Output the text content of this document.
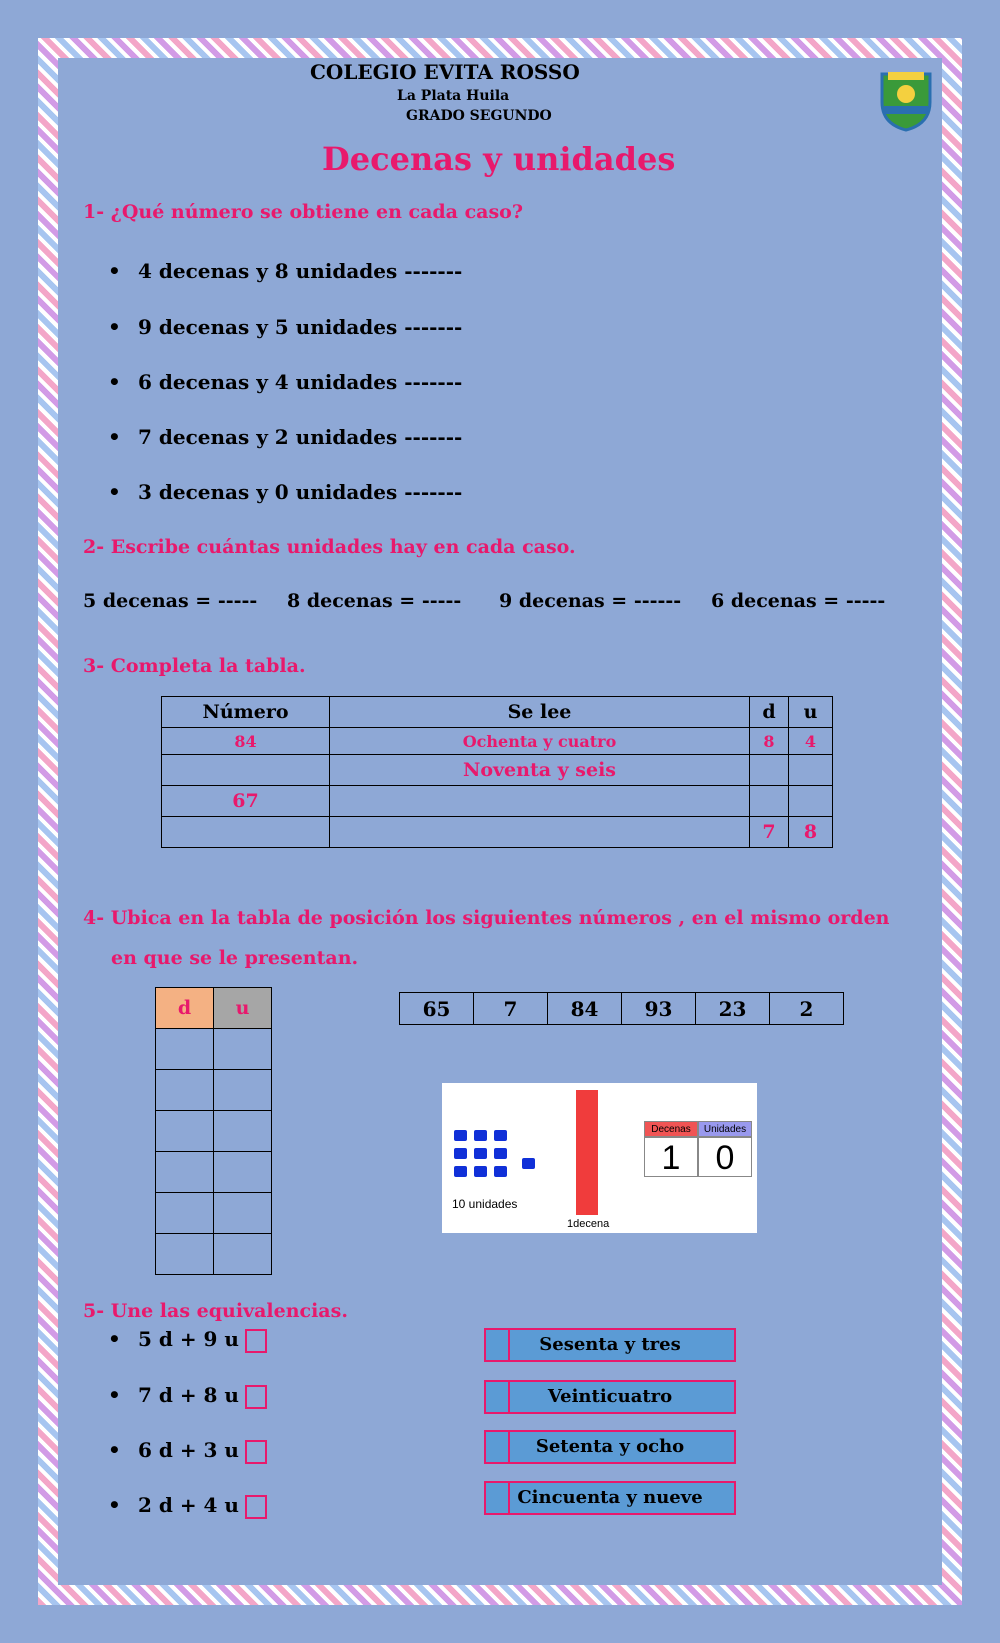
COLEGIO EVITA ROSSO
La Plata Huila
GRADO SEGUNDO
Decenas y unidades
1- ¿Qué número se obtiene en cada caso?
• 4 decenas y 8 unidades -------
• 9 decenas y 5 unidades -------
• 6 decenas y 4 unidades -------
• 7 decenas y 2 unidades -------
• 3 decenas y 0 unidades -------
2- Escribe cuántas unidades hay en cada caso.
5 decenas = ----- 8 decenas = ----- 9 decenas = ------ 6 decenas = -----
3- Completa la tabla.
Número	Se lee	d	u
84	Ochenta y cuatro	8	4
	Noventa y seis		
67			
		7	8
4- Ubica en la tabla de posición los siguientes números , en el mismo orden
en que se le presentan.
d	u

		65	7	84	93	23	2
10 unidades
1decena
Decenas	Unidades
1	0
5- Une las equivalencias.
• 5 d + 9 u
• 7 d + 8 u
• 6 d + 3 u
• 2 d + 4 u
Sesenta y tres
Veinticuatro
Setenta y ocho
Cincuenta y nueve
